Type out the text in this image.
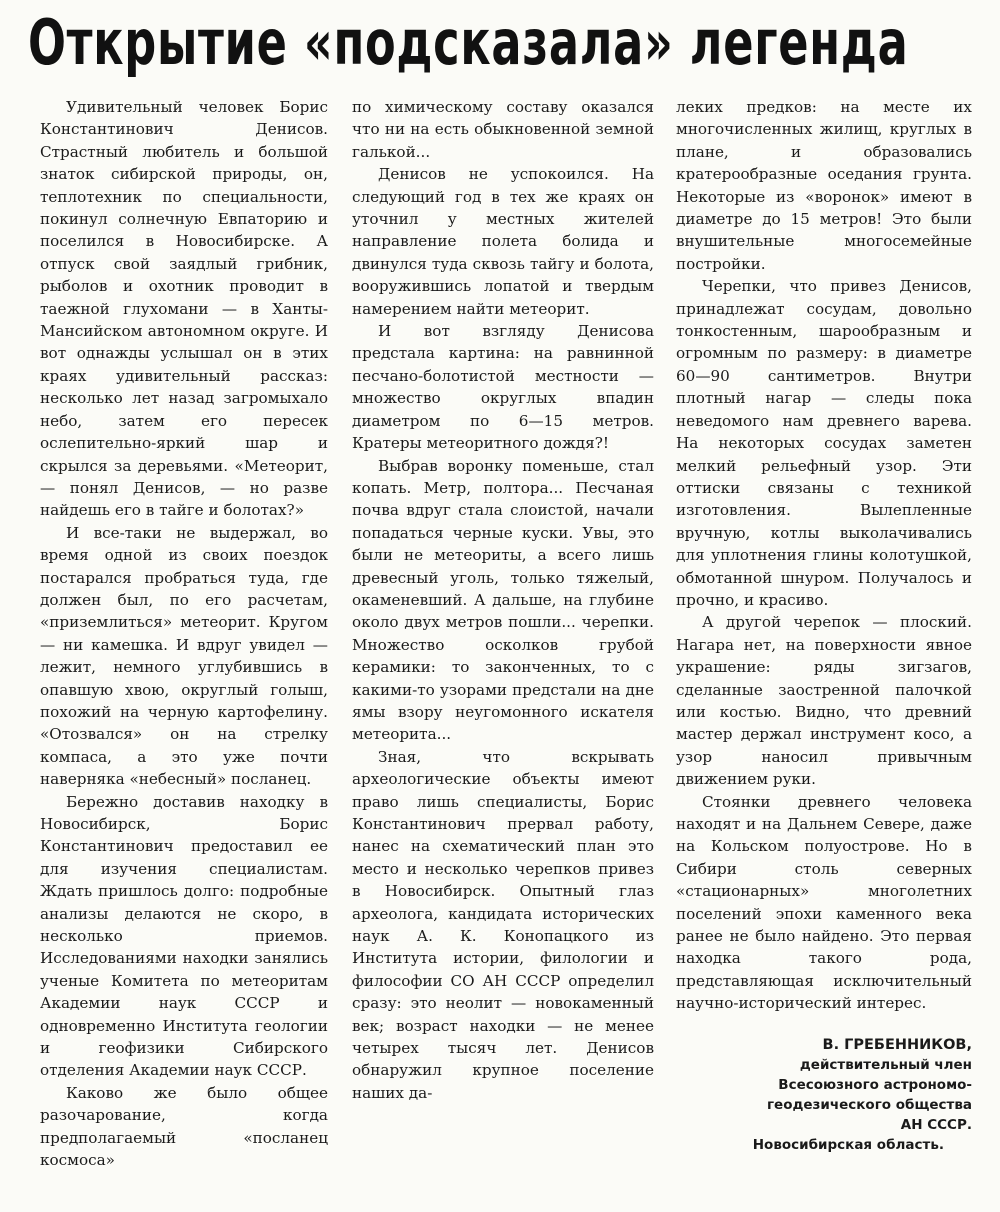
Открытие «подсказала» легенда

Удивительный человек Борис Константинович Денисов. Страстный любитель и большой знаток сибирской природы, он, теплотехник по специальности, покинул солнечную Евпаторию и поселился в Новосибирске. А отпуск свой заядлый грибник, рыболов и охотник проводит в таежной глухомани — в Ханты-Мансийском автономном округе. И вот однажды услышал он в этих краях удивительный рассказ: несколько лет назад загромыхало небо, затем его пересек ослепительно-яркий шар и скрылся за деревьями. «Метеорит, — понял Денисов, — но разве найдешь его в тайге и болотах?»

И все-таки не выдержал, во время одной из своих поездок постарался пробраться туда, где должен был, по его расчетам, «приземлиться» метеорит. Кругом — ни камешка. И вдруг увидел — лежит, немного углубившись в опавшую хвою, округлый голыш, похожий на черную картофелину. «Отозвался» он на стрелку компаса, а это уже почти наверняка «небесный» посланец.

Бережно доставив находку в Новосибирск, Борис Константинович предоставил ее для изучения специалистам. Ждать пришлось долго: подробные анализы делаются не скоро, в несколько приемов. Исследованиями находки занялись ученые Комитета по метеоритам Академии наук СССР и одновременно Института геологии и геофизики Сибирского отделения Академии наук СССР.

Каково же было общее разочарование, когда предполагаемый «посланец космоса»

по химическому составу оказался что ни на есть обыкновенной земной галькой...

Денисов не успокоился. На следующий год в тех же краях он уточнил у местных жителей направление полета болида и двинулся туда сквозь тайгу и болота, вооружившись лопатой и твердым намерением найти метеорит.

И вот взгляду Денисова предстала картина: на равнинной песчано-болотистой местности — множество округлых впадин диаметром по 6—15 метров. Кратеры метеоритного дождя?!

Выбрав воронку поменьше, стал копать. Метр, полтора... Песчаная почва вдруг стала слоистой, начали попадаться черные куски. Увы, это были не метеориты, а всего лишь древесный уголь, только тяжелый, окаменевший. А дальше, на глубине около двух метров пошли... черепки. Множество осколков грубой керамики: то законченных, то с какими-то узорами предстали на дне ямы взору неугомонного искателя метеорита...

Зная, что вскрывать археологические объекты имеют право лишь специалисты, Борис Константинович прервал работу, нанес на схематический план это место и несколько черепков привез в Новосибирск. Опытный глаз археолога, кандидата исторических наук А. К. Конопацкого из Института истории, филологии и философии СО АН СССР определил сразу: это неолит — новокаменный век; возраст находки — не менее четырех тысяч лет. Денисов обнаружил крупное поселение наших да-

леких предков: на месте их многочисленных жилищ, круглых в плане, и образовались кратерообразные оседания грунта. Некоторые из «воронок» имеют в диаметре до 15 метров! Это были внушительные многосемейные постройки.

Черепки, что привез Денисов, принадлежат сосудам, довольно тонкостенным, шарообразным и огромным по размеру: в диаметре 60—90 сантиметров. Внутри плотный нагар — следы пока неведомого нам древнего варева. На некоторых сосудах заметен мелкий рельефный узор. Эти оттиски связаны с техникой изготовления. Вылепленные вручную, котлы выколачивались для уплотнения глины колотушкой, обмотанной шнуром. Получалось и прочно, и красиво.

А другой черепок — плоский. Нагара нет, на поверхности явное украшение: ряды зигзагов, сделанные заостренной палочкой или костью. Видно, что древний мастер держал инструмент косо, а узор наносил привычным движением руки.

Стоянки древнего человека находят и на Дальнем Севере, даже на Кольском полуострове. Но в Сибири столь северных «стационарных» многолетних поселений эпохи каменного века ранее не было найдено. Это первая находка такого рода, представляющая исключительный научно-исторический интерес.

В. ГРЕБЕННИКОВ,
действительный член
Всесоюзного астрономо-
геодезического общества
АН СССР.
Новосибирская область.
